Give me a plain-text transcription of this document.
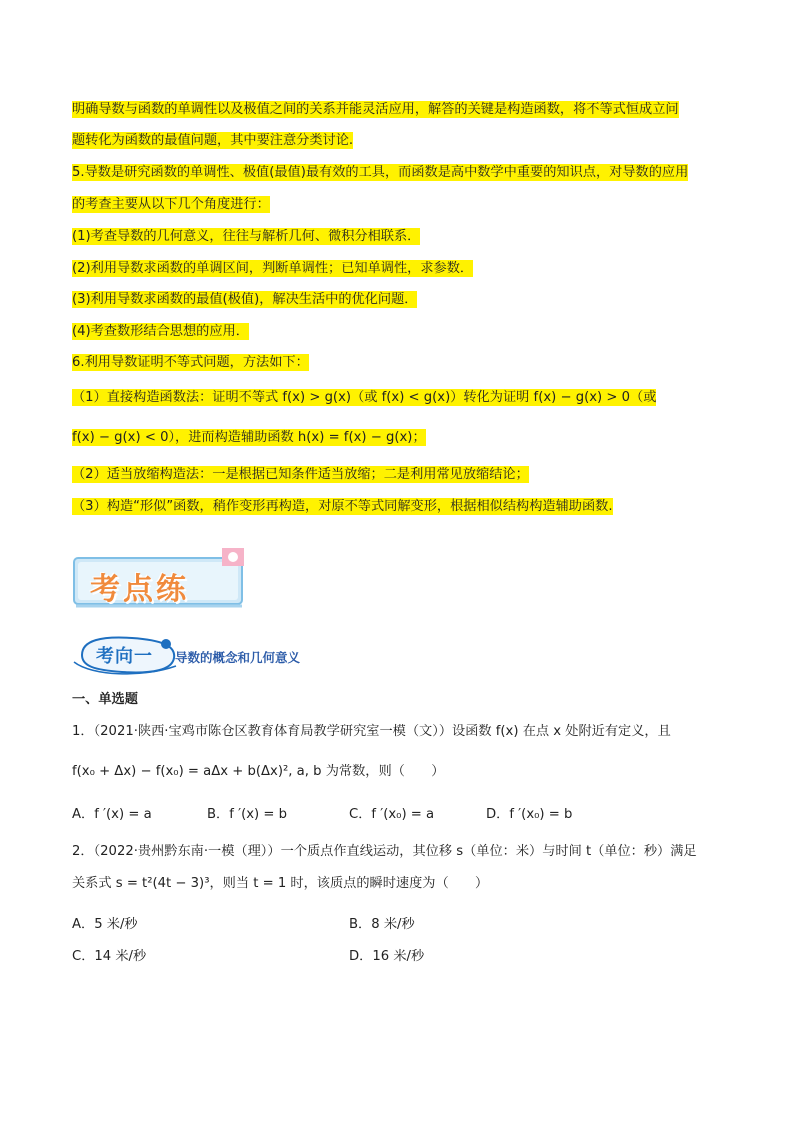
明确导数与函数的单调性以及极值之间的关系并能灵活应用，解答的关键是构造函数，将不等式恒成立问
题转化为函数的最值问题，其中要注意分类讨论.
5.导数是研究函数的单调性、极值(最值)最有效的工具，而函数是高中数学中重要的知识点，对导数的应用
的考查主要从以下几个角度进行：
(1)考查导数的几何意义，往往与解析几何、微积分相联系．
(2)利用导数求函数的单调区间，判断单调性；已知单调性，求参数．
(3)利用导数求函数的最值(极值)，解决生活中的优化问题．
(4)考查数形结合思想的应用．
6.利用导数证明不等式问题，方法如下：
（1）直接构造函数法：证明不等式 f(x) > g(x)（或 f(x) < g(x)）转化为证明 f(x) − g(x) > 0（或
f(x) − g(x) < 0），进而构造辅助函数 h(x) = f(x) − g(x)；
（2）适当放缩构造法：一是根据已知条件适当放缩；二是利用常见放缩结论；
（3）构造“形似”函数，稍作变形再构造，对原不等式同解变形，根据相似结构构造辅助函数.
考点练
考向一 导数的概念和几何意义
一、单选题
1．（2021·陕西·宝鸡市陈仓区教育体育局教学研究室一模（文））设函数 f(x) 在点 x 处附近有定义，且
f(x₀ + Δx) − f(x₀) = aΔx + b(Δx)², a, b 为常数，则（　　）
A．f ′(x) = a	B．f ′(x) = b	C．f ′(x₀) = a	D．f ′(x₀) = b
2．（2022·贵州黔东南·一模（理））一个质点作直线运动，其位移 s（单位：米）与时间 t（单位：秒）满足
关系式 s = t²(4t − 3)³，则当 t = 1 时，该质点的瞬时速度为（　　）
A．5 米/秒	B．8 米/秒
C．14 米/秒	D．16 米/秒
